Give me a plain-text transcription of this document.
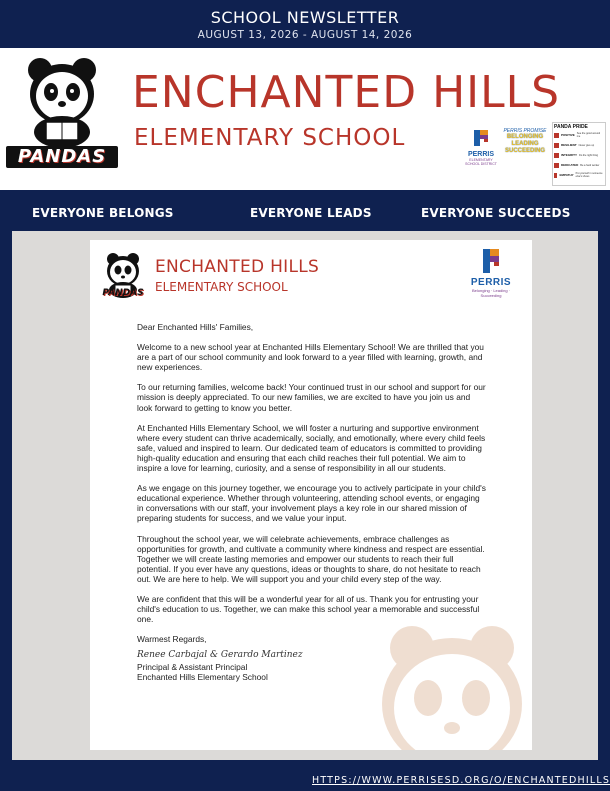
SCHOOL NEWSLETTER
AUGUST 13, 2026 - AUGUST 14, 2026
PANDAS
ENCHANTED HILLS
ELEMENTARY SCHOOL
PERRIS
ELEMENTARY SCHOOL DISTRICT
PERRIS PROMISE
BELONGING
LEADING
SUCCEEDING
PANDA PRIDE
POSITIVE See the good around me
RESILIENT Never give up
INTEGRITY Do the right thing
DEDICATED Be a hard worker
EMPATHY Put yourself in someone else's shoes
EVERYONE BELONGS	EVERYONE LEADS	EVERYONE SUCCEEDS
PANDAS
ENCHANTED HILLS
ELEMENTARY SCHOOL	PERRIS
Belonging · Leading · Succeeding

Dear Enchanted Hills' Families,

Welcome to a new school year at Enchanted Hills Elementary School! We are thrilled that you are a part of our school community and look forward to a year filled with learning, growth, and new experiences.

To our returning families, welcome back! Your continued trust in our school and support for our mission is deeply appreciated. To our new families, we are excited to have you join us and look forward to getting to know you better.

At Enchanted Hills Elementary School, we will foster a nurturing and supportive environment where every student can thrive academically, socially, and emotionally, where every child feels safe, valued and inspired to learn. Our dedicated team of educators is committed to providing high-quality education and ensuring that each child reaches their full potential. We aim to inspire a love for learning, curiosity, and a sense of responsibility in all our students.

As we engage on this journey together, we encourage you to actively participate in your child's educational experience. Whether through volunteering, attending school events, or engaging in conversations with our staff, your involvement plays a key role in our shared mission of preparing students for success, and we value your input.

Throughout the school year, we will celebrate achievements, embrace challenges as opportunities for growth, and cultivate a community where kindness and respect are essential. Together we will create lasting memories and empower our students to reach their full potential. If you ever have any questions, ideas or thoughts to share, do not hesitate to reach out. We are here to help. We will support you and your child every step of the way.

We are confident that this will be a wonderful year for all of us. Thank you for entrusting your child's education to us. Together, we can make this school year a memorable and successful one.

Warmest Regards,

Renee Carbajal & Gerardo Martinez
Principal & Assistant Principal
Enchanted Hills Elementary School
HTTPS://WWW.PERRISESD.ORG/O/ENCHANTEDHILLS
